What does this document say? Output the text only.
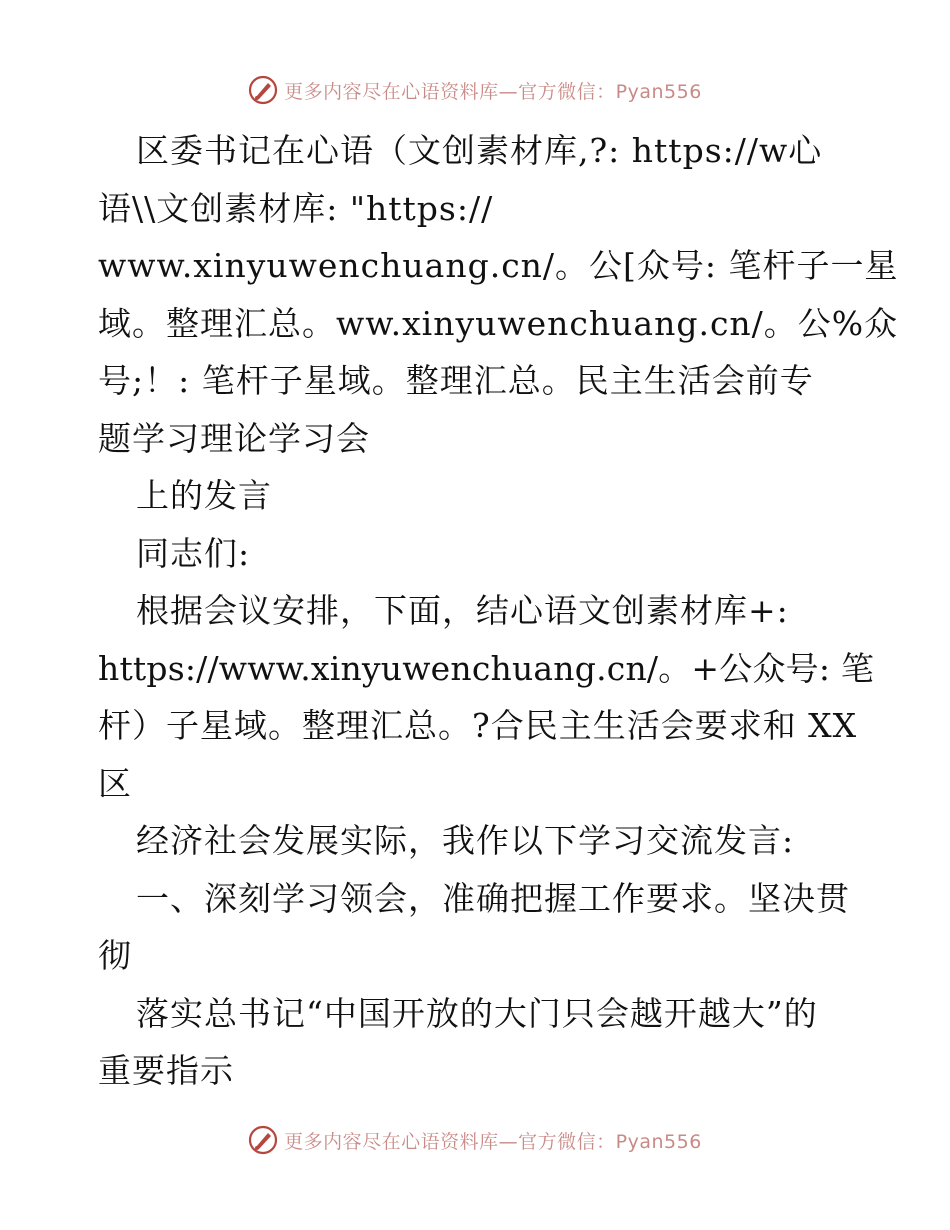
更多内容尽在心语资料库—官方微信：Pyan556
区委书记在心语（文创素材库,?: https://w心
语\\文创素材库: "https://
www.xinyuwenchuang.cn/。公[众号: 笔杆子一星
域。整理汇总。ww.xinyuwenchuang.cn/。公%众
号;！: 笔杆子星域。整理汇总。民主生活会前专
题学习理论学习会
上的发言
同志们:
根据会议安排，下面，结心语文创素材库+:
https://www.xinyuwenchuang.cn/。+公众号: 笔
杆）子星域。整理汇总。?合民主生活会要求和 XX
区
经济社会发展实际，我作以下学习交流发言:
一、深刻学习领会，准确把握工作要求。坚决贯
彻
落实总书记“中国开放的大门只会越开越大”的
重要指示
更多内容尽在心语资料库—官方微信：Pyan556
